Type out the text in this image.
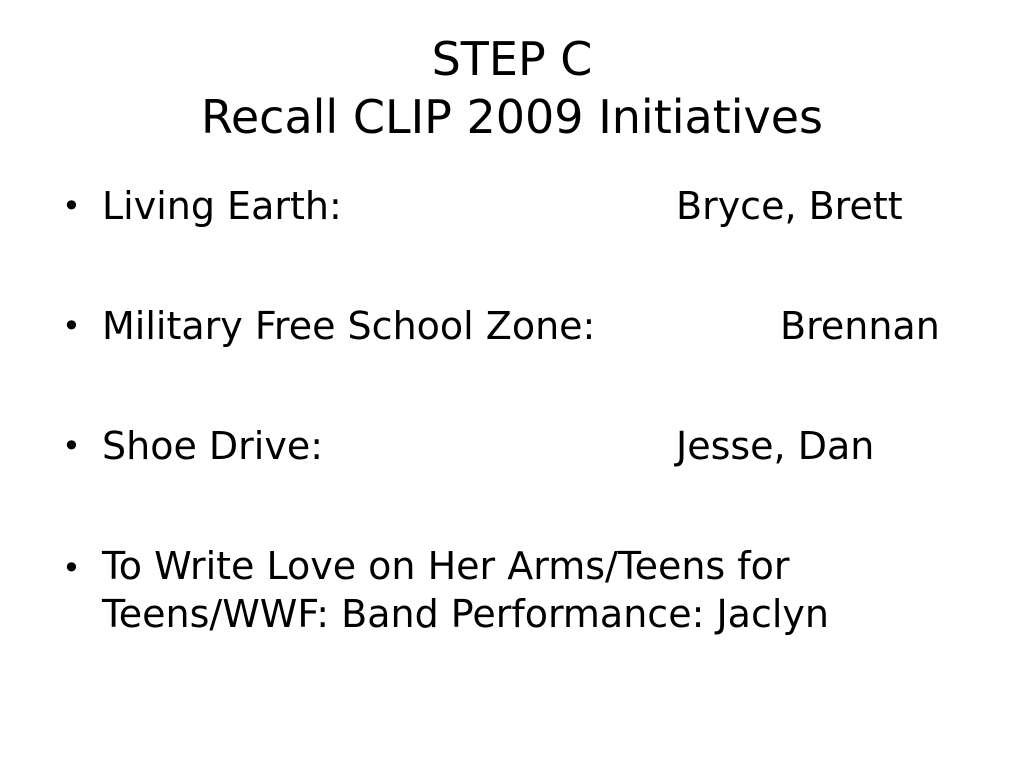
STEP C
Recall CLIP 2009 Initiatives
• Living Earth:	Bryce, Brett
• Military Free School Zone:	Brennan
• Shoe Drive:	Jesse, Dan
• To Write Love on Her Arms/Teens for
Teens/WWF: Band Performance: Jaclyn
